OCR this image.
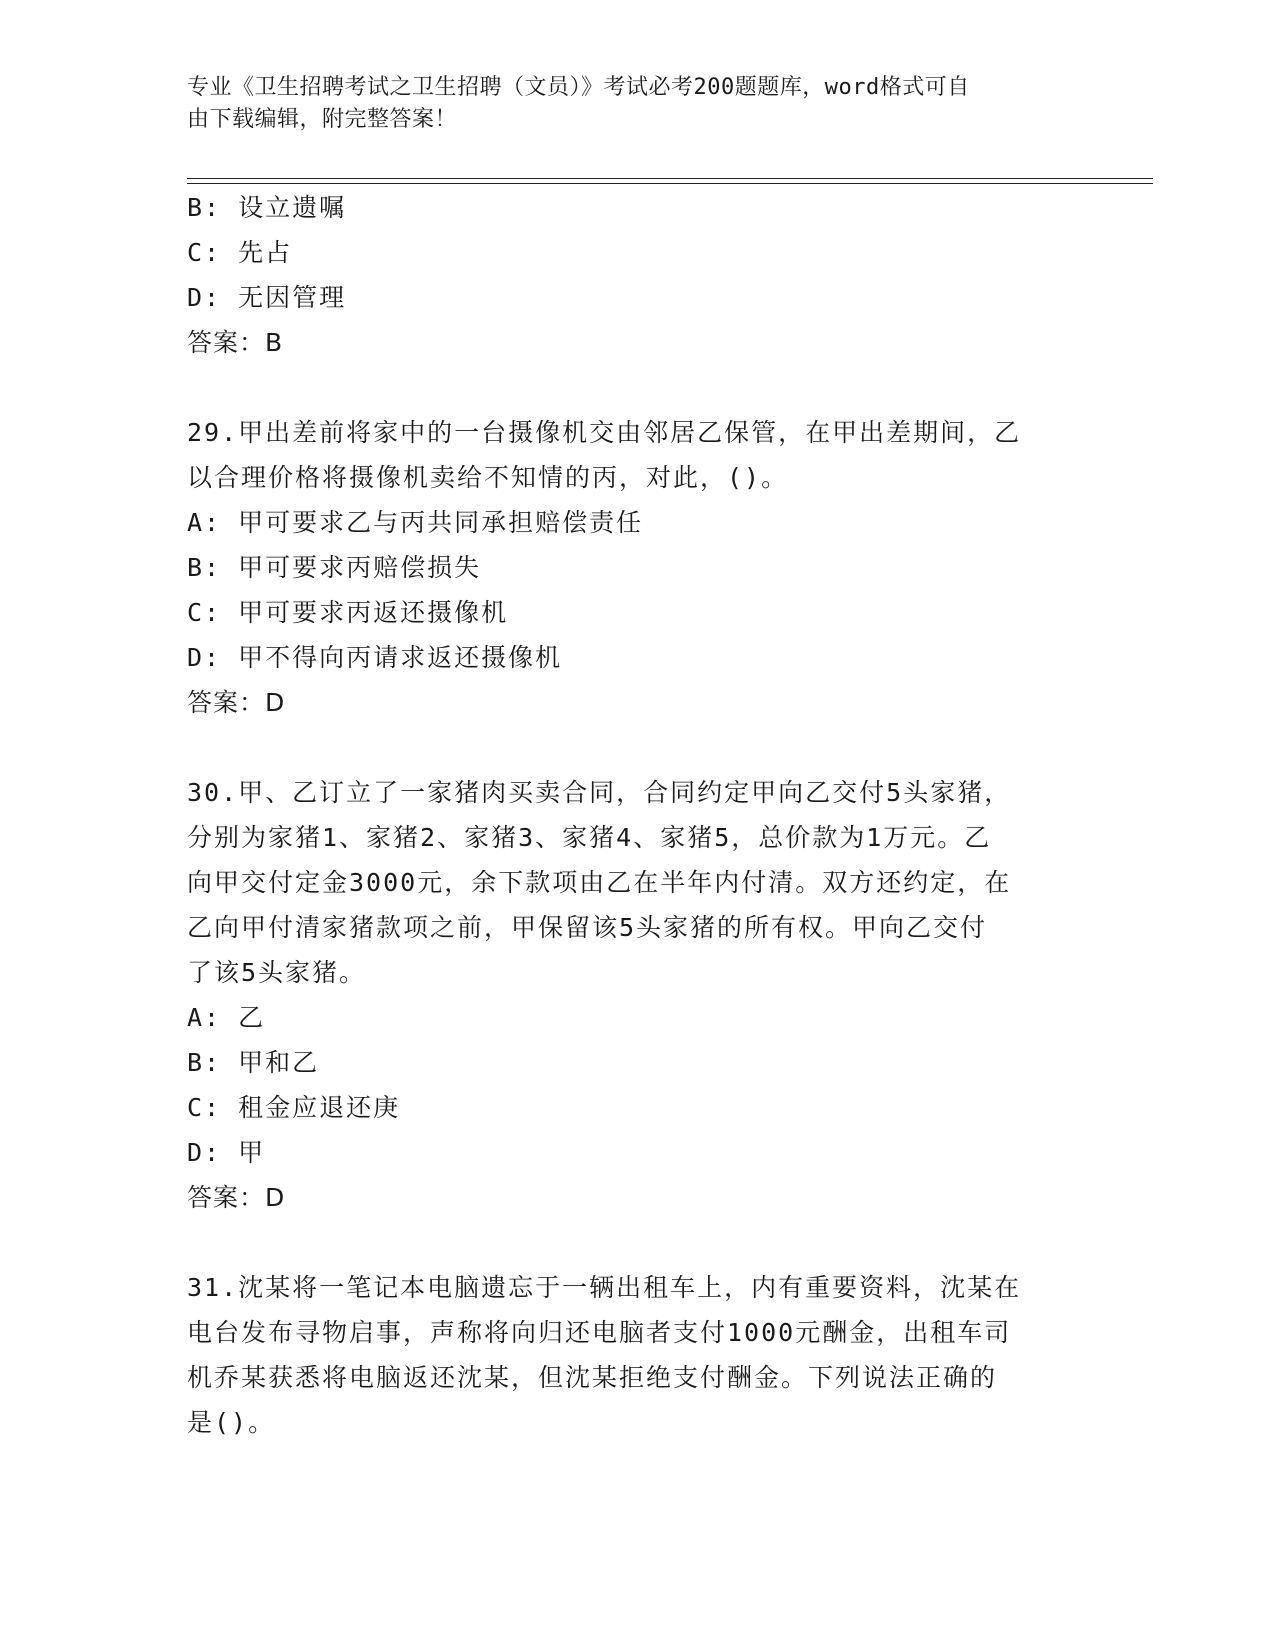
专业《卫生招聘考试之卫生招聘（文员）》考试必考200题题库，word格式可自
由下载编辑，附完整答案！
B: 设立遗嘱
C: 先占
D: 无因管理
答案：B
29.甲出差前将家中的一台摄像机交由邻居乙保管，在甲出差期间，乙
以合理价格将摄像机卖给不知情的丙，对此，()。
A: 甲可要求乙与丙共同承担赔偿责任
B: 甲可要求丙赔偿损失
C: 甲可要求丙返还摄像机
D: 甲不得向丙请求返还摄像机
答案：D
30.甲、乙订立了一家猪肉买卖合同，合同约定甲向乙交付5头家猪，
分别为家猪1、家猪2、家猪3、家猪4、家猪5，总价款为1万元。乙
向甲交付定金3000元，余下款项由乙在半年内付清。双方还约定，在
乙向甲付清家猪款项之前，甲保留该5头家猪的所有权。甲向乙交付
了该5头家猪。
A: 乙
B: 甲和乙
C: 租金应退还庚
D: 甲
答案：D
31.沈某将一笔记本电脑遗忘于一辆出租车上，内有重要资料，沈某在
电台发布寻物启事，声称将向归还电脑者支付1000元酬金，出租车司
机乔某获悉将电脑返还沈某，但沈某拒绝支付酬金。下列说法正确的
是()。
